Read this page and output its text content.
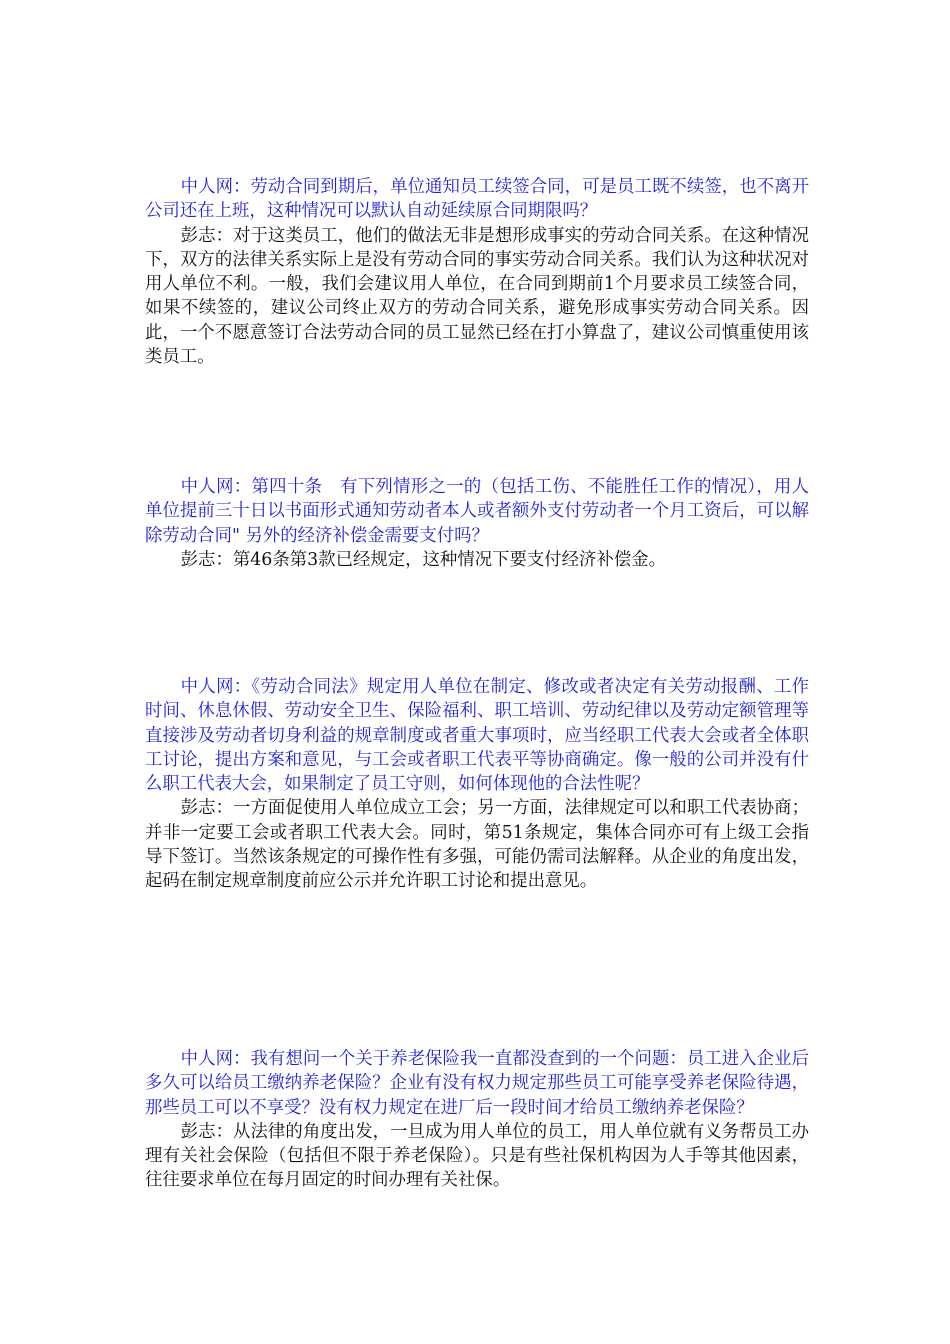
中人网：劳动合同到期后，单位通知员工续签合同，可是员工既不续签，也不离开公司还在上班，这种情况可以默认自动延续原合同期限吗？

彭志：对于这类员工，他们的做法无非是想形成事实的劳动合同关系。在这种情况下，双方的法律关系实际上是没有劳动合同的事实劳动合同关系。我们认为这种状况对用人单位不利。一般，我们会建议用人单位，在合同到期前1个月要求员工续签合同，如果不续签的，建议公司终止双方的劳动合同关系，避免形成事实劳动合同关系。因此，一个不愿意签订合法劳动合同的员工显然已经在打小算盘了，建议公司慎重使用该类员工。

中人网：第四十条　有下列情形之一的（包括工伤、不能胜任工作的情况），用人单位提前三十日以书面形式通知劳动者本人或者额外支付劳动者一个月工资后，可以解除劳动合同" 另外的经济补偿金需要支付吗？

彭志：第46条第3款已经规定，这种情况下要支付经济补偿金。

中人网：《劳动合同法》规定用人单位在制定、修改或者决定有关劳动报酬、工作时间、休息休假、劳动安全卫生、保险福利、职工培训、劳动纪律以及劳动定额管理等直接涉及劳动者切身利益的规章制度或者重大事项时，应当经职工代表大会或者全体职工讨论，提出方案和意见，与工会或者职工代表平等协商确定。像一般的公司并没有什么职工代表大会，如果制定了员工守则，如何体现他的合法性呢？

彭志：一方面促使用人单位成立工会；另一方面，法律规定可以和职工代表协商；并非一定要工会或者职工代表大会。同时，第51条规定，集体合同亦可有上级工会指导下签订。当然该条规定的可操作性有多强，可能仍需司法解释。从企业的角度出发，起码在制定规章制度前应公示并允许职工讨论和提出意见。

中人网：我有想问一个关于养老保险我一直都没查到的一个问题：员工进入企业后多久可以给员工缴纳养老保险？企业有没有权力规定那些员工可能享受养老保险待遇，那些员工可以不享受？没有权力规定在进厂后一段时间才给员工缴纳养老保险？

彭志：从法律的角度出发，一旦成为用人单位的员工，用人单位就有义务帮员工办理有关社会保险（包括但不限于养老保险）。只是有些社保机构因为人手等其他因素，往往要求单位在每月固定的时间办理有关社保。
